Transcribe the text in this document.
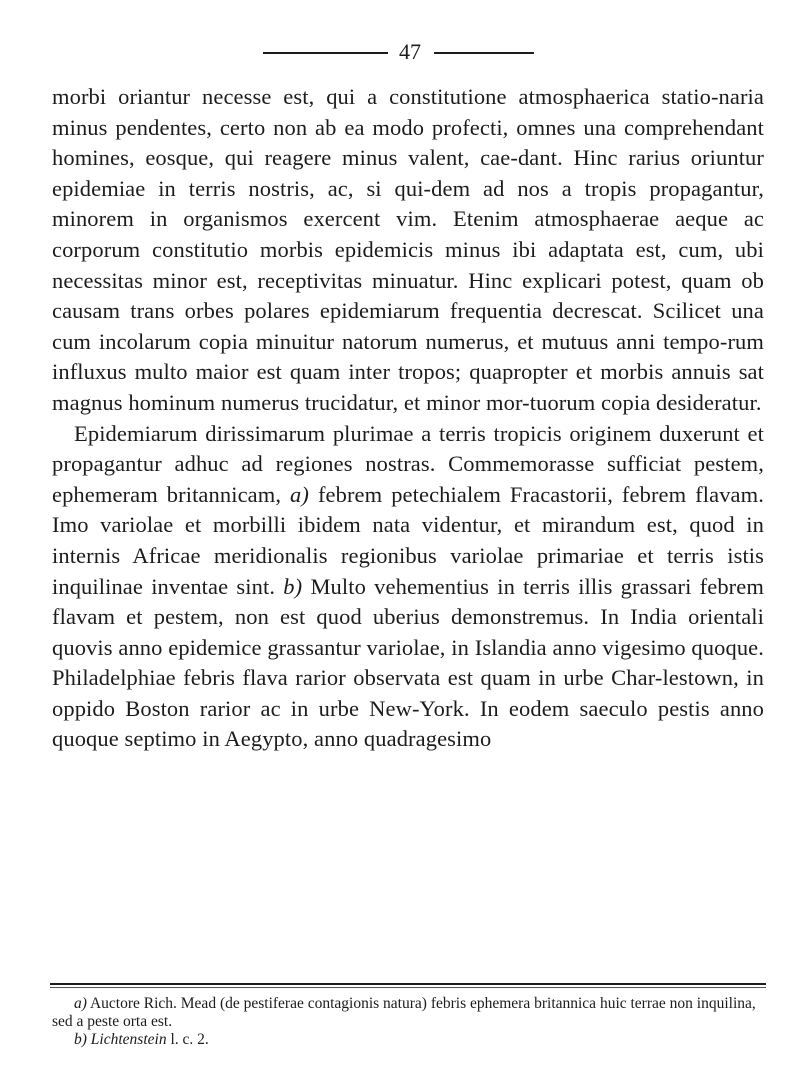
47

morbi oriantur necesse est, qui a constitutione atmosphaerica statio-naria minus pendentes, certo non ab ea modo profecti, omnes una comprehendant homines, eosque, qui reagere minus valent, cae-dant. Hinc rarius oriuntur epidemiae in terris nostris, ac, si qui-dem ad nos a tropis propagantur, minorem in organismos exercent vim. Etenim atmosphaerae aeque ac corporum constitutio morbis epidemicis minus ibi adaptata est, cum, ubi necessitas minor est, receptivitas minuatur. Hinc explicari potest, quam ob causam trans orbes polares epidemiarum frequentia decrescat. Scilicet una cum incolarum copia minuitur natorum numerus, et mutuus anni tempo-rum influxus multo maior est quam inter tropos; quapropter et morbis annuis sat magnus hominum numerus trucidatur, et minor mor-tuorum copia desideratur.

Epidemiarum dirissimarum plurimae a terris tropicis originem duxerunt et propagantur adhuc ad regiones nostras. Commemorasse sufficiat pestem, ephemeram britannicam, a) febrem petechialem Fracastorii, febrem flavam. Imo variolae et morbilli ibidem nata videntur, et mirandum est, quod in internis Africae meridionalis regionibus variolae primariae et terris istis inquilinae inventae sint. b) Multo vehementius in terris illis grassari febrem flavam et pestem, non est quod uberius demonstremus. In India orientali quovis anno epidemice grassantur variolae, in Islandia anno vigesimo quoque. Philadelphiae febris flava rarior observata est quam in urbe Char-lestown, in oppido Boston rarior ac in urbe New-York. In eodem saeculo pestis anno quoque septimo in Aegypto, anno quadragesimo

a) Auctore Rich. Mead (de pestiferae contagionis natura) febris ephemera britannica huic terrae non inquilina, sed a peste orta est.

b) Lichtenstein l. c. 2.
